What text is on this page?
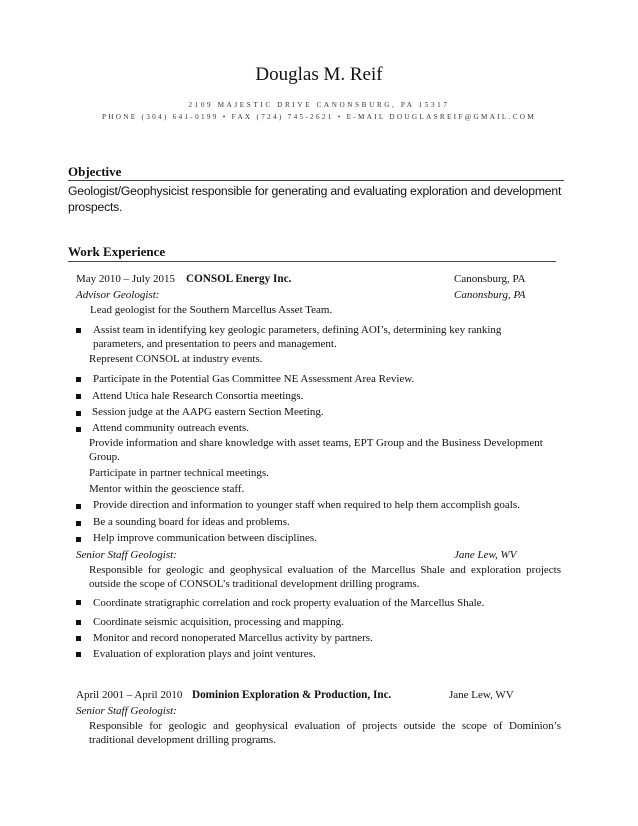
Douglas M. Reif
2109 MAJESTIC DRIVE CANONSBURG, PA 15317
PHONE (304) 641-0199 • FAX (724) 745-2621 • E-MAIL DOUGLASREIF@GMAIL.COM
Objective
Geologist/Geophysicist responsible for generating and evaluating exploration and development prospects.
Work Experience
May 2010 – July 2015 CONSOL Energy Inc.	Canonsburg, PA
Advisor Geologist:	Canonsburg, PA
Lead geologist for the Southern Marcellus Asset Team.
Assist team in identifying key geologic parameters, defining AOI’s, determining key ranking
parameters, and presentation to peers and management.
Represent CONSOL at industry events.
Participate in the Potential Gas Committee NE Assessment Area Review.
Attend Utica hale Research Consortia meetings.
Session judge at the AAPG eastern Section Meeting.
Attend community outreach events.
Provide information and share knowledge with asset teams, EPT Group and the Business Development
Group.
Participate in partner technical meetings.
Mentor within the geoscience staff.
Provide direction and information to younger staff when required to help them accomplish goals.
Be a sounding board for ideas and problems.
Help improve communication between disciplines.
Senior Staff Geologist:	Jane Lew, WV
Responsible for geologic and geophysical evaluation of the Marcellus Shale and exploration projects outside the scope of CONSOL’s traditional development drilling programs.
Coordinate stratigraphic correlation and rock property evaluation of the Marcellus Shale.
Coordinate seismic acquisition, processing and mapping.
Monitor and record nonoperated Marcellus activity by partners.
Evaluation of exploration plays and joint ventures.
April 2001 – April 2010 Dominion Exploration & Production, Inc.	Jane Lew, WV
Senior Staff Geologist:
Responsible for geologic and geophysical evaluation of projects outside the scope of Dominion’s traditional development drilling programs.
